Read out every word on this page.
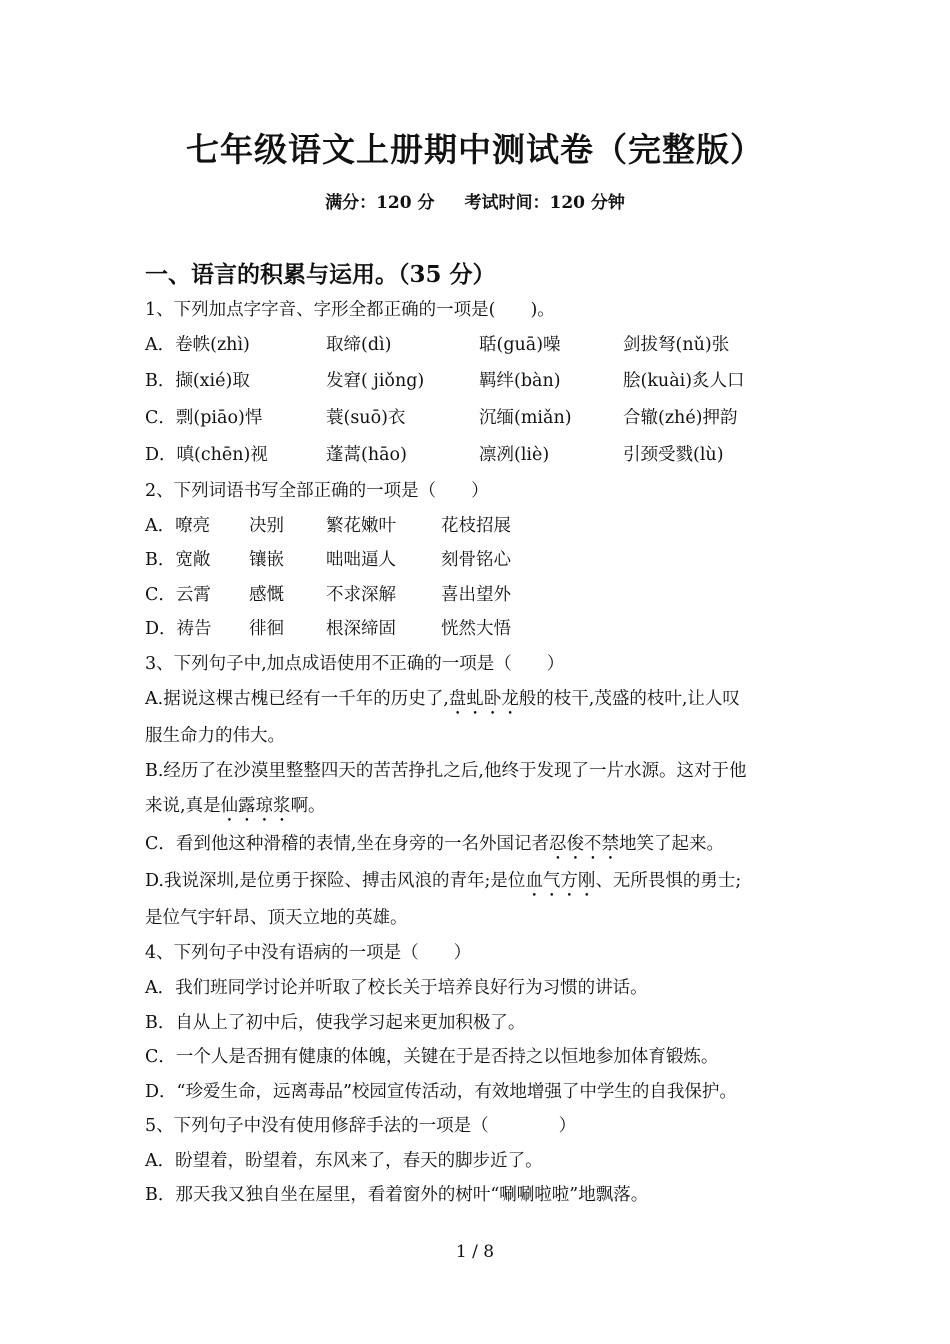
七年级语文上册期中测试卷（完整版）
满分：120 分 考试时间：120 分钟
一、语言的积累与运用。（35 分）
1、下列加点字字音、字形全都正确的一项是(　　)。
A．卷帙(zhì)	取缔(dì)	聒(guā)噪	剑拔弩(nǔ)张
B．撷(xié)取	发窘( jiǒng)	羁绊(bàn)	脍(kuài)炙人口
C．剽(piāo)悍	蓑(suō)衣	沉缅(miǎn)	合辙(zhé)押韵
D．嗔(chēn)视	蓬蒿(hāo)	凛冽(liè)	引颈受戮(lù)
2、下列词语书写全部正确的一项是（　　）
A．嘹亮 决别 繁花嫩叶	花枝招展
B．宽敞 镶嵌 咄咄逼人	刻骨铭心
C．云霄 感慨 不求深解	喜出望外
D．祷告 徘徊 根深缔固	恍然大悟
3、下列句子中,加点成语使用不正确的一项是（　　）
A.据说这棵古槐已经有一千年的历史了,盘虬卧龙般的枝干,茂盛的枝叶,让人叹
服生命力的伟大。
B.经历了在沙漠里整整四天的苦苦挣扎之后,他终于发现了一片水源。这对于他
来说,真是仙露琼浆啊。
C．看到他这种滑稽的表情,坐在身旁的一名外国记者忍俊不禁地笑了起来。
D.我说深圳,是位勇于探险、搏击风浪的青年;是位血气方刚、无所畏惧的勇士;
是位气宇轩昂、顶天立地的英雄。
4、下列句子中没有语病的一项是（　　）
A．我们班同学讨论并听取了校长关于培养良好行为习惯的讲话。
B．自从上了初中后，使我学习起来更加积极了。
C．一个人是否拥有健康的体魄，关键在于是否持之以恒地参加体育锻炼。
D．“珍爱生命，远离毒品”校园宣传活动，有效地增强了中学生的自我保护。
5、下列句子中没有使用修辞手法的一项是（　　　　）
A．盼望着，盼望着，东风来了，春天的脚步近了。
B．那天我又独自坐在屋里，看着窗外的树叶“唰唰啦啦”地飘落。
1 / 8
